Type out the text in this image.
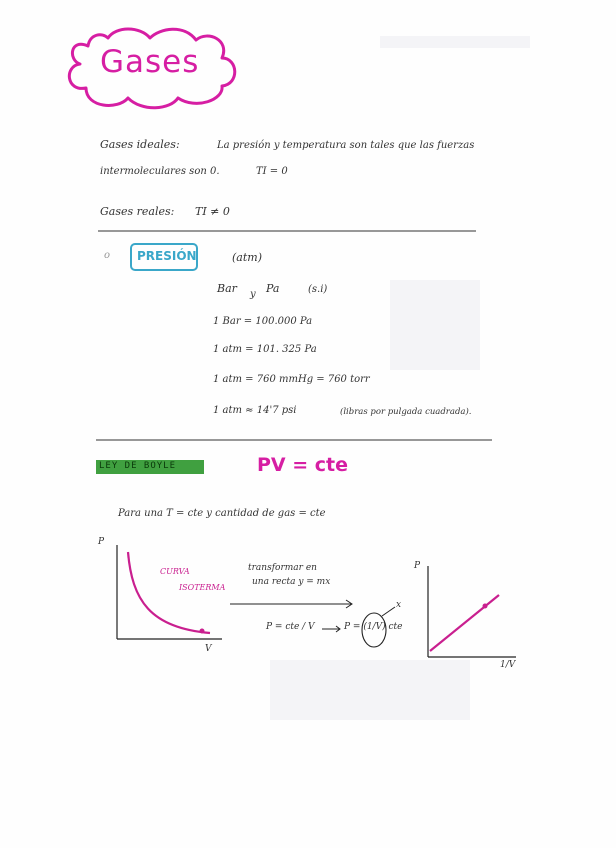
Gases
Gases ideales:	La presión y temperatura son tales que las fuerzas
intermoleculares son 0.	TI = 0
Gases reales: TI ≠ 0
o PRESIÓN	(atm)
Bar y Pa	(s.i)
1 Bar = 100.000 Pa
1 atm = 101. 325 Pa
1 atm = 760 mmHg = 760 torr
1 atm ≈ 14'7 psi	(libras por pulgada cuadrada).
LEY DE BOYLE	PV = cte
Para una T = cte y cantidad de gas = cte
P
V
CURVA
ISOTERMA
transformar en
una recta y = mx
P = cte / V	P = (1/V) cte
x
P
1/V
